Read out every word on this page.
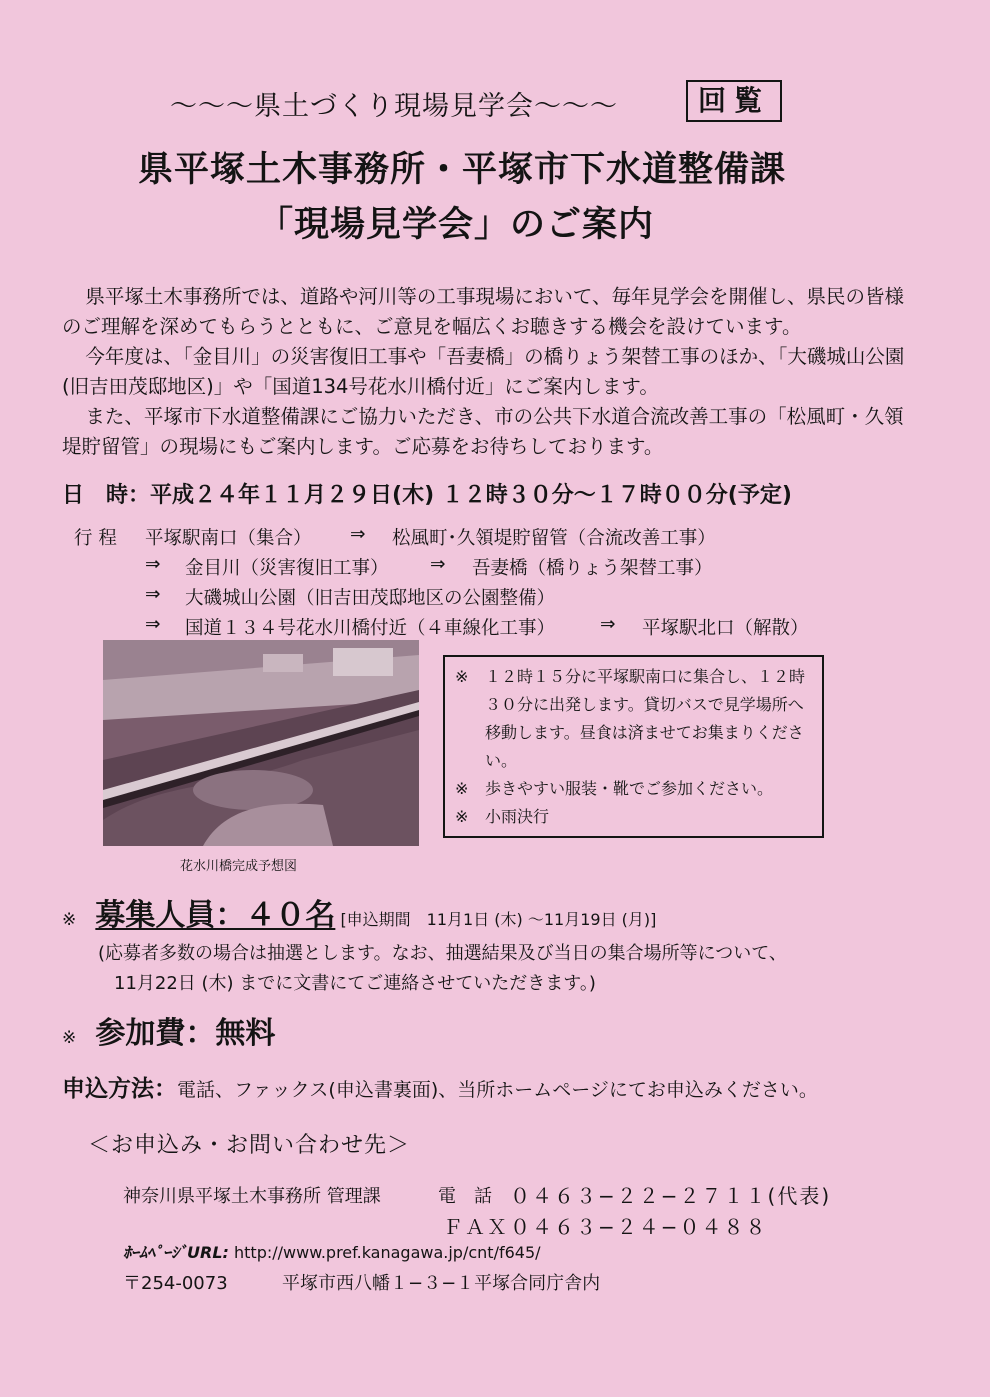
〜〜〜県土づくり現場見学会〜〜〜	回覧
県平塚土木事務所・平塚市下水道整備課
「現場見学会」のご案内

県平塚土木事務所では、道路や河川等の工事現場において、毎年見学会を開催し、県民の皆様のご理解を深めてもらうとともに、ご意見を幅広くお聴きする機会を設けています。

今年度は、「金目川」の災害復旧工事や「吾妻橋」の橋りょう架替工事のほか、「大磯城山公園(旧吉田茂邸地区)」や「国道134号花水川橋付近」にご案内します。

また、平塚市下水道整備課にご協力いただき、市の公共下水道合流改善工事の「松風町・久領堤貯留管」の現場にもご案内します。ご応募をお待ちしております。

日　時：平成２４年１１月２９日(木) １２時３０分〜１７時００分(予定)
行 程 平塚駅南口（集合） ⇒ 松風町･久領堤貯留管（合流改善工事）
⇒ 金目川（災害復旧工事） ⇒ 吾妻橋（橋りょう架替工事）
⇒ 大磯城山公園（旧吉田茂邸地区の公園整備）
⇒ 国道１３４号花水川橋付近（４車線化工事） ⇒ 平塚駅北口（解散）
花水川橋完成予想図
※	１２時１５分に平塚駅南口に集合し、１２時３０分に出発します。貸切バスで見学場所へ移動します。昼食は済ませてお集まりください。
※	歩きやすい服装・靴でご参加ください。
※	小雨決行
※ 募集人員：４０名 [申込期間　11月1日 (木) 〜11月19日 (月)]
(応募者多数の場合は抽選とします。なお、抽選結果及び当日の集合場所等について、
11月22日 (木) までに文書にてご連絡させていただきます。)
※ 参加費：無料
申込方法：電話、ファックス(申込書裏面)、当所ホームページにてお申込みください。
＜お申込み・お問い合わせ先＞
神奈川県平塚土木事務所 管理課	電　話 ０４６３−２２−２７１１(代表)
ＦＡＸ ０４６３−２４−０４８８
ﾎｰﾑﾍﾟｰｼﾞURL: http://www.pref.kanagawa.jp/cnt/f645/
〒254-0073	平塚市西八幡１−３−１平塚合同庁舎内
